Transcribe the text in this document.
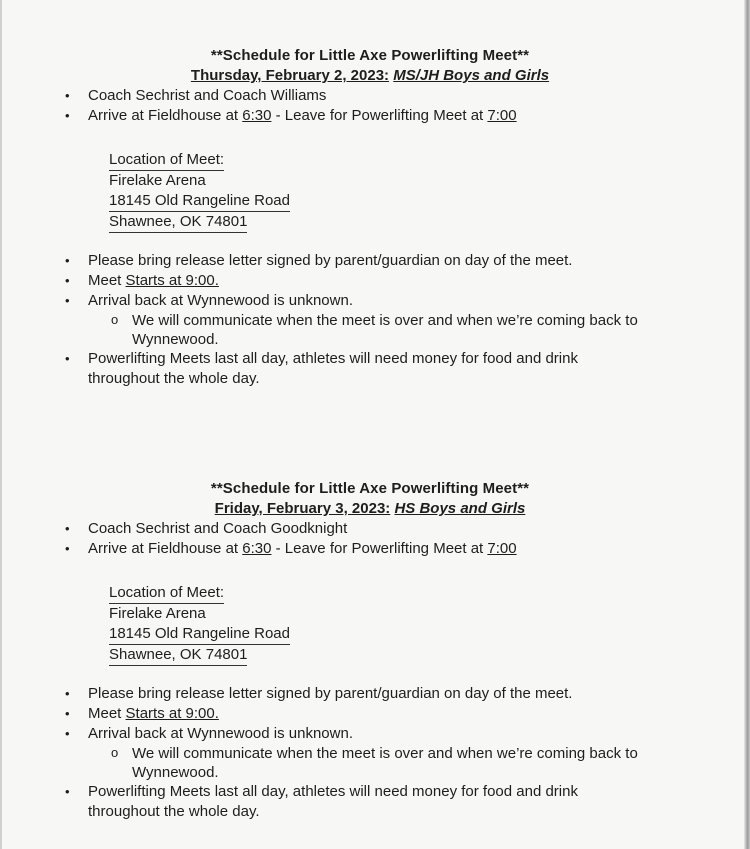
**Schedule for Little Axe Powerlifting Meet**

Thursday, February 2, 2023: MS/JH Boys and Girls

• Coach Sechrist and Coach Williams
• Arrive at Fieldhouse at 6:30 - Leave for Powerlifting Meet at 7:00
Location of Meet:
Firelake Arena
18145 Old Rangeline Road
Shawnee, OK 74801
• Please bring release letter signed by parent/guardian on day of the meet.
• Meet Starts at 9:00.
• Arrival back at Wynnewood is unknown.
o We will communicate when the meet is over and when we’re coming back to Wynnewood.
• Powerlifting Meets last all day, athletes will need money for food and drink throughout the whole day.

**Schedule for Little Axe Powerlifting Meet**

Friday, February 3, 2023: HS Boys and Girls

• Coach Sechrist and Coach Goodknight
• Arrive at Fieldhouse at 6:30 - Leave for Powerlifting Meet at 7:00
Location of Meet:
Firelake Arena
18145 Old Rangeline Road
Shawnee, OK 74801
• Please bring release letter signed by parent/guardian on day of the meet.
• Meet Starts at 9:00.
• Arrival back at Wynnewood is unknown.
o We will communicate when the meet is over and when we’re coming back to Wynnewood.
• Powerlifting Meets last all day, athletes will need money for food and drink throughout the whole day.
